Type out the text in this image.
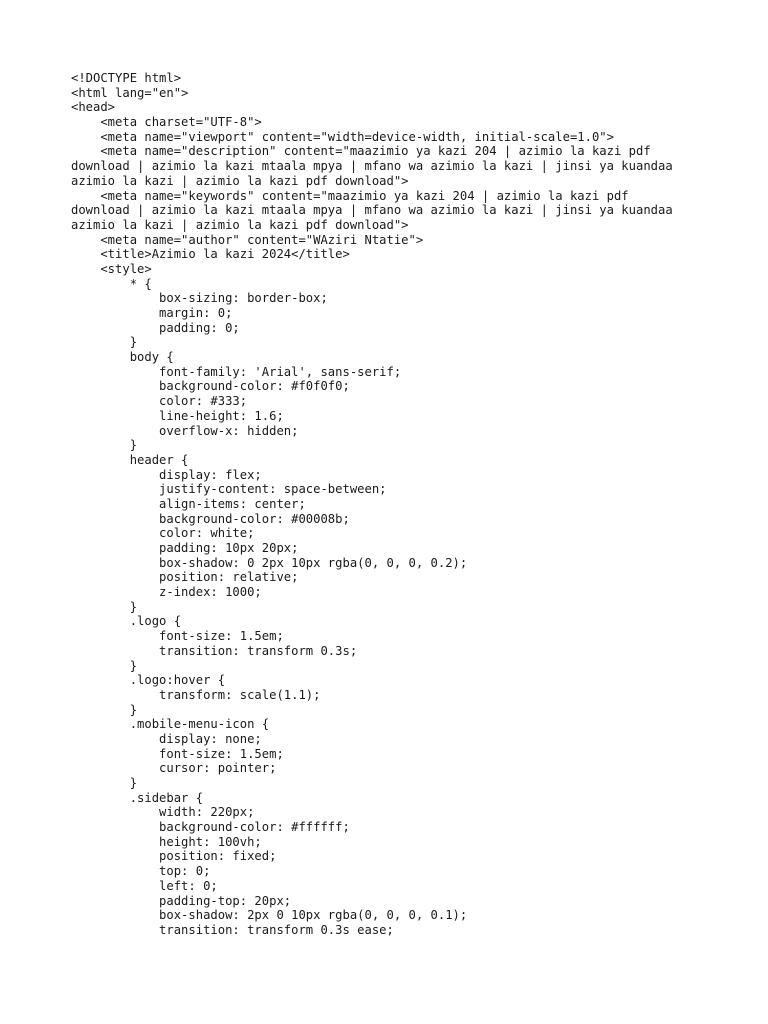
<!DOCTYPE html>
<html lang="en">
<head>
<meta charset="UTF-8">
<meta name="viewport" content="width=device-width, initial-scale=1.0">
<meta name="description" content="maazimio ya kazi 204 | azimio la kazi pdf
download | azimio la kazi mtaala mpya | mfano wa azimio la kazi | jinsi ya kuandaa
azimio la kazi | azimio la kazi pdf download">
<meta name="keywords" content="maazimio ya kazi 204 | azimio la kazi pdf
download | azimio la kazi mtaala mpya | mfano wa azimio la kazi | jinsi ya kuandaa
azimio la kazi | azimio la kazi pdf download">
<meta name="author" content="WAziri Ntatie">
<title>Azimio la kazi 2024</title>
<style>
* {
box-sizing: border-box;
margin: 0;
padding: 0;
}
body {
font-family: 'Arial', sans-serif;
background-color: #f0f0f0;
color: #333;
line-height: 1.6;
overflow-x: hidden;
}
header {
display: flex;
justify-content: space-between;
align-items: center;
background-color: #00008b;
color: white;
padding: 10px 20px;
box-shadow: 0 2px 10px rgba(0, 0, 0, 0.2);
position: relative;
z-index: 1000;
}
.logo {
font-size: 1.5em;
transition: transform 0.3s;
}
.logo:hover {
transform: scale(1.1);
}
.mobile-menu-icon {
display: none;
font-size: 1.5em;
cursor: pointer;
}
.sidebar {
width: 220px;
background-color: #ffffff;
height: 100vh;
position: fixed;
top: 0;
left: 0;
padding-top: 20px;
box-shadow: 2px 0 10px rgba(0, 0, 0, 0.1);
transition: transform 0.3s ease;
